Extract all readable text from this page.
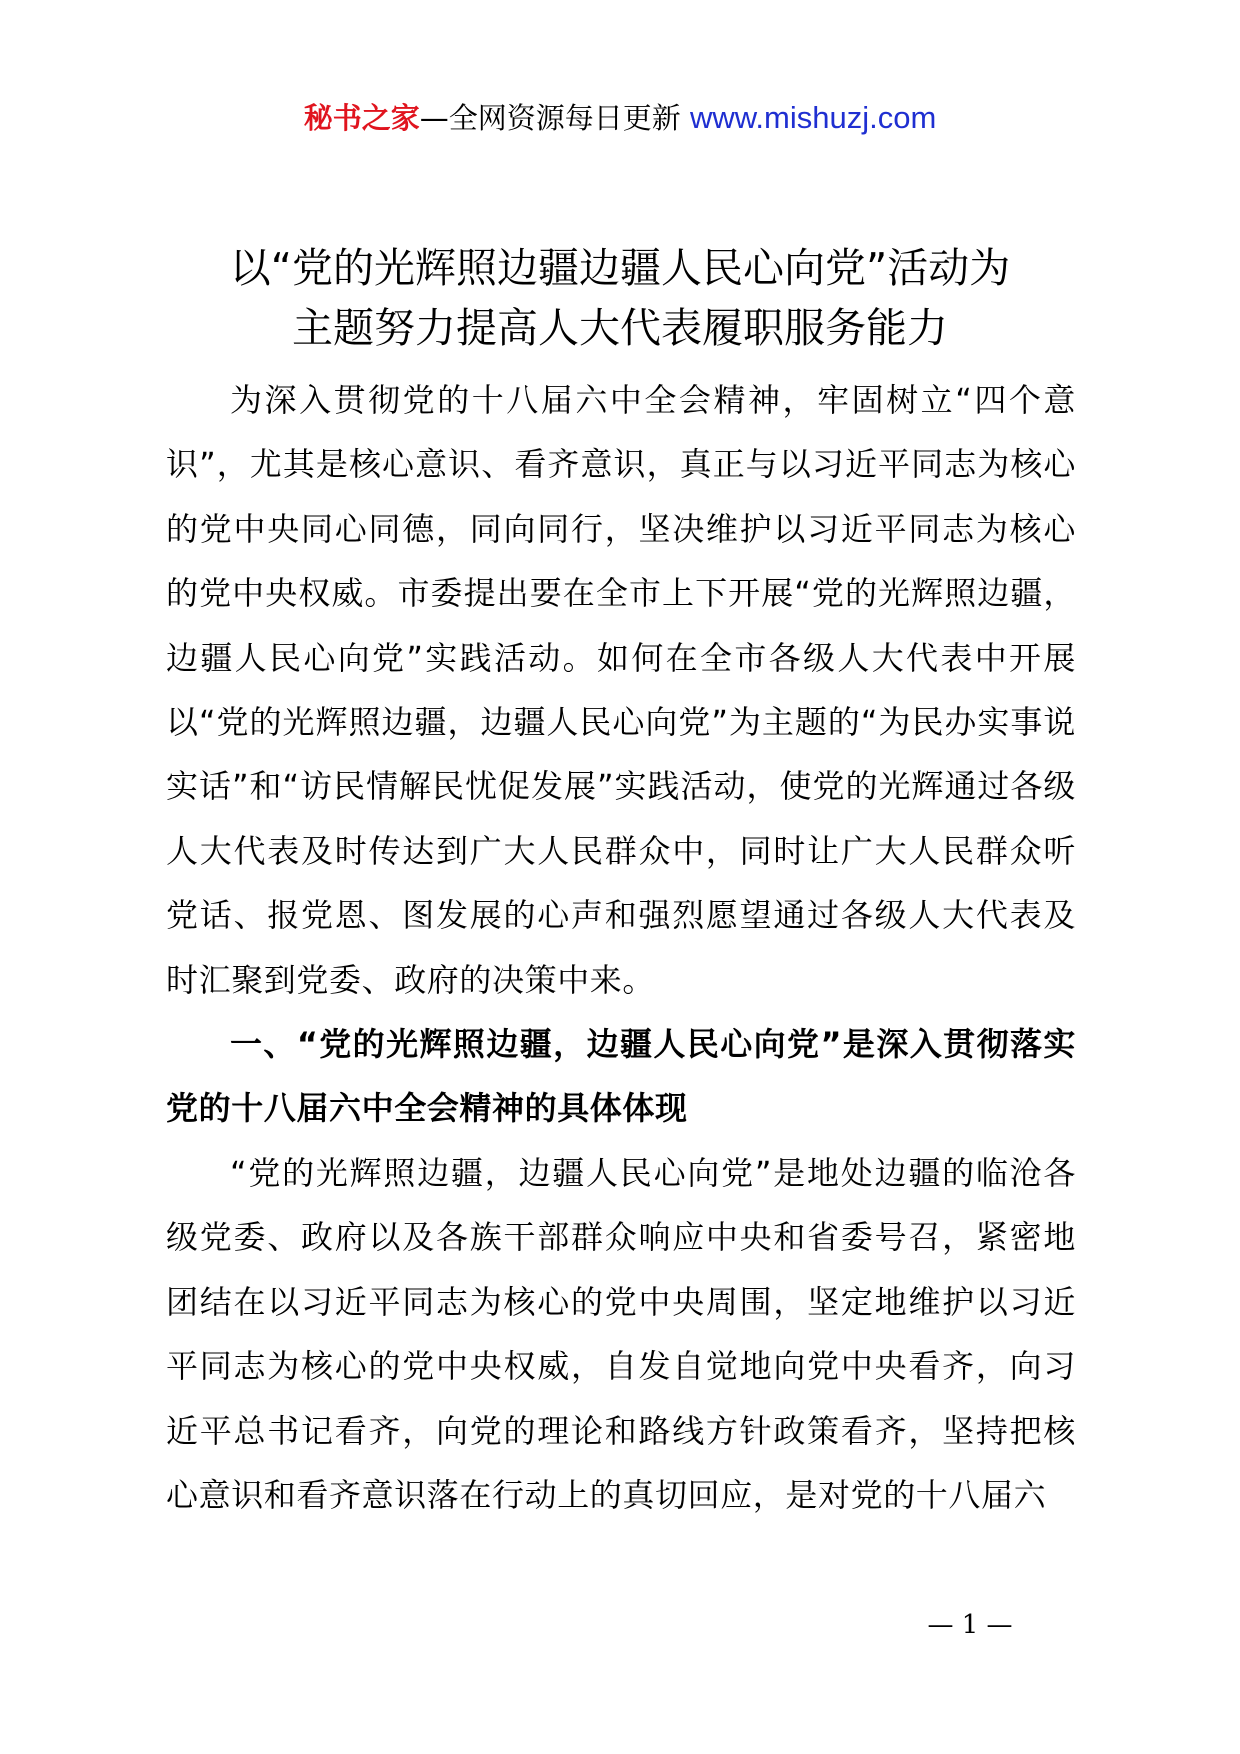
秘书之家—全网资源每日更新 www.mishuzj.com
以“党的光辉照边疆边疆人民心向党”活动为
主题努力提高人大代表履职服务能力

为深入贯彻党的十八届六中全会精神，牢固树立“四个意识”，尤其是核心意识、看齐意识，真正与以习近平同志为核心的党中央同心同德，同向同行，坚决维护以习近平同志为核心的党中央权威。市委提出要在全市上下开展“党的光辉照边疆，边疆人民心向党”实践活动。如何在全市各级人大代表中开展以“党的光辉照边疆，边疆人民心向党”为主题的“为民办实事说实话”和“访民情解民忧促发展”实践活动，使党的光辉通过各级人大代表及时传达到广大人民群众中，同时让广大人民群众听党话、报党恩、图发展的心声和强烈愿望通过各级人大代表及时汇聚到党委、政府的决策中来。

一、“党的光辉照边疆，边疆人民心向党”是深入贯彻落实党的十八届六中全会精神的具体体现

“党的光辉照边疆，边疆人民心向党”是地处边疆的临沧各级党委、政府以及各族干部群众响应中央和省委号召，紧密地团结在以习近平同志为核心的党中央周围，坚定地维护以习近平同志为核心的党中央权威，自发自觉地向党中央看齐，向习近平总书记看齐，向党的理论和路线方针政策看齐，坚持把核心意识和看齐意识落在行动上的真切回应，是对党的十八届六

— 1 —
